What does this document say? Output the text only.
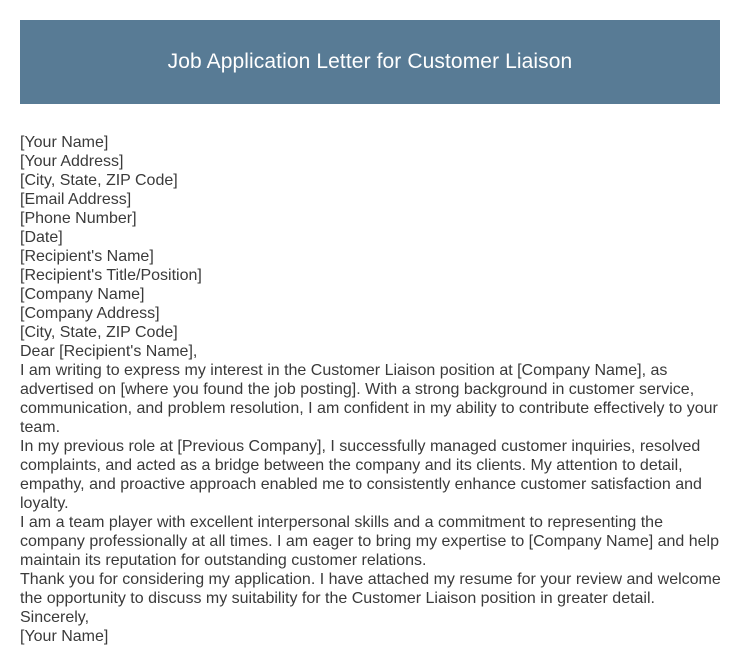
Job Application Letter for Customer Liaison

[Your Name]

[Your Address]

[City, State, ZIP Code]

[Email Address]

[Phone Number]

[Date]

[Recipient's Name]

[Recipient's Title/Position]

[Company Name]

[Company Address]

[City, State, ZIP Code]

Dear [Recipient's Name],

I am writing to express my interest in the Customer Liaison position at [Company Name], as advertised on [where you found the job posting]. With a strong background in customer service, communication, and problem resolution, I am confident in my ability to contribute effectively to your team.

In my previous role at [Previous Company], I successfully managed customer inquiries, resolved complaints, and acted as a bridge between the company and its clients. My attention to detail, empathy, and proactive approach enabled me to consistently enhance customer satisfaction and loyalty.

I am a team player with excellent interpersonal skills and a commitment to representing the company professionally at all times. I am eager to bring my expertise to [Company Name] and help maintain its reputation for outstanding customer relations.

Thank you for considering my application. I have attached my resume for your review and welcome the opportunity to discuss my suitability for the Customer Liaison position in greater detail.

Sincerely,

[Your Name]
